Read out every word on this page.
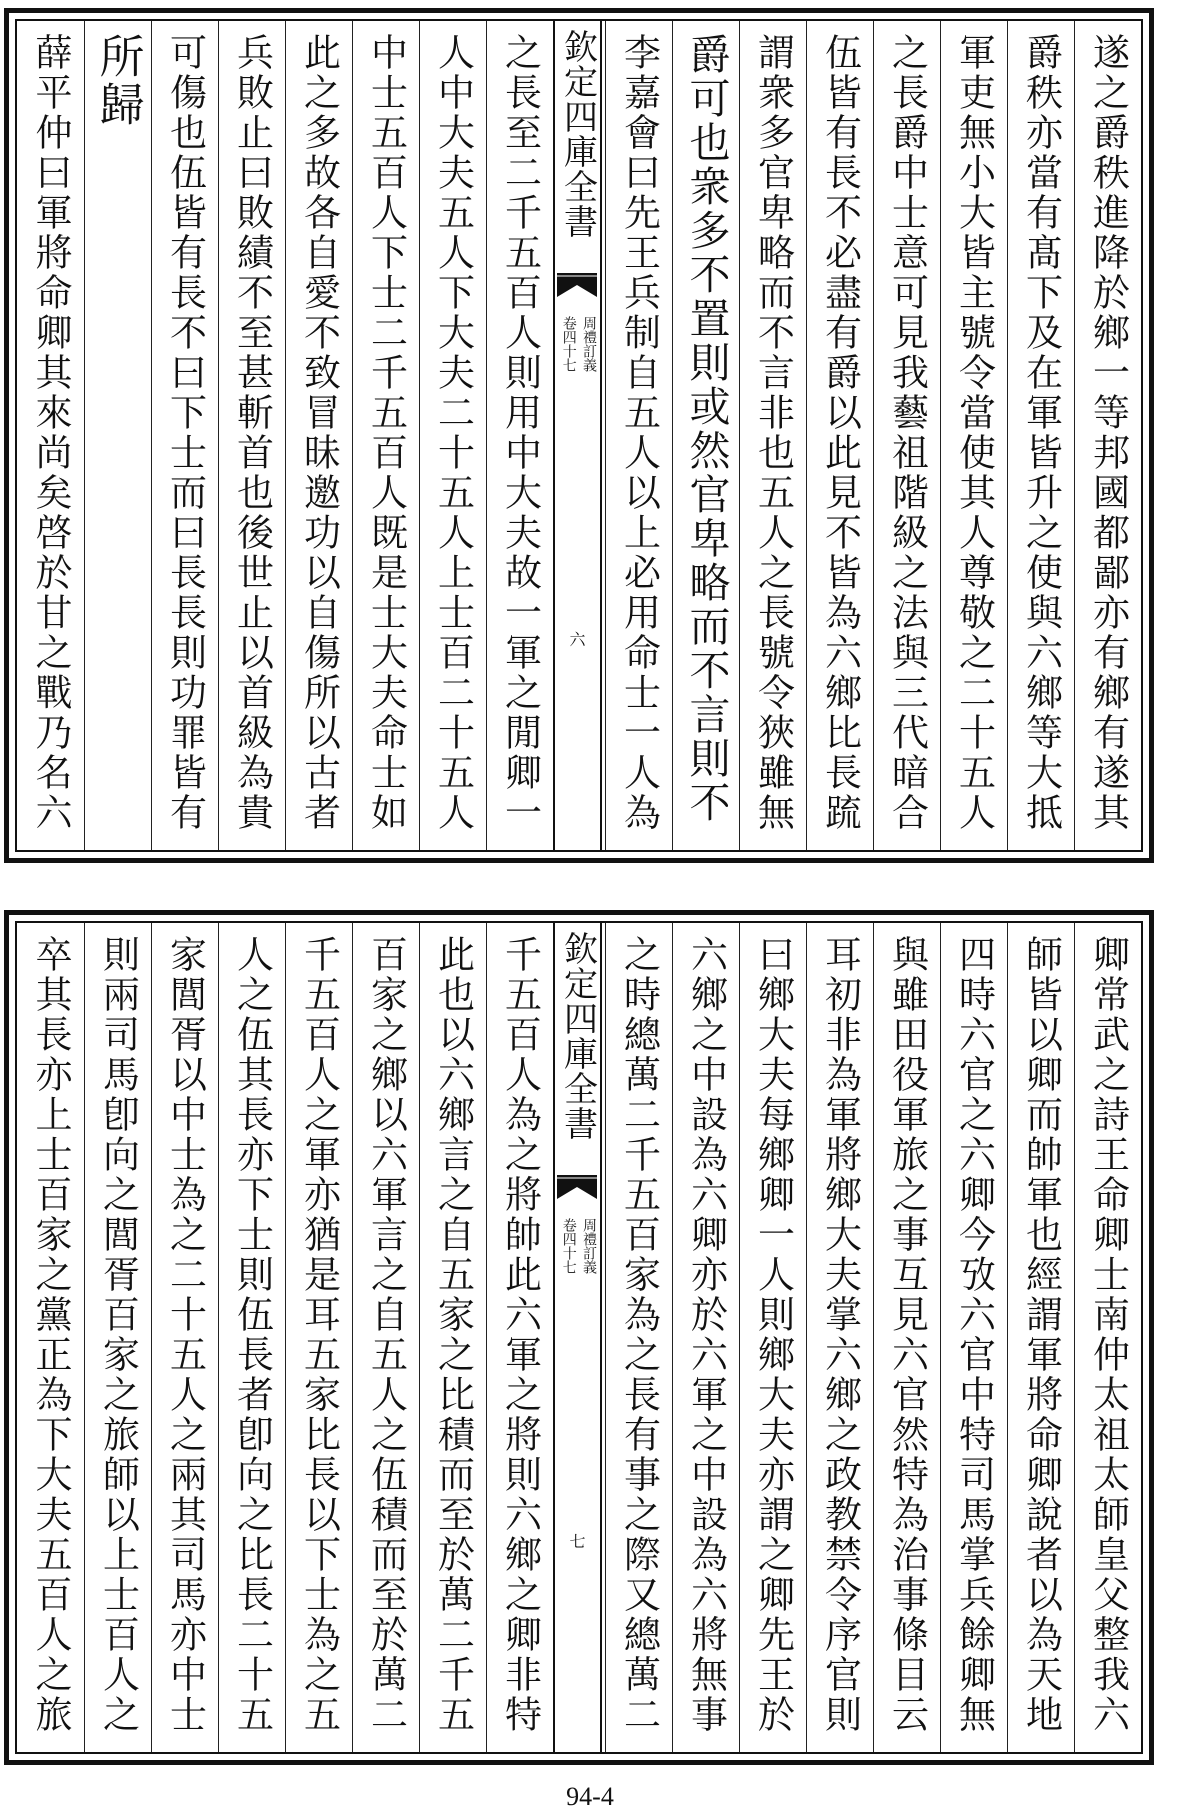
遂之爵秩進降於鄉一等邦國都鄙亦有鄉有遂其
爵秩亦當有髙下及在軍皆升之使與六鄉等大抵
軍吏無小大皆主號令當使其人尊敬之二十五人
之長爵中士意可見我藝祖階級之法與三代暗合
伍皆有長不必盡有爵以此見不皆為六鄉比長䟽
謂衆多官卑略而不言非也五人之長號令狹雖無
爵可也衆多不置則或然官卑略而不言則不
李嘉會曰先王兵制自五人以上必用命士一人為
欽定四庫全書
周禮訂義
卷四十七
六
之長至二千五百人則用中大夫故一軍之閒卿一
人中大夫五人下大夫二十五人上士百二十五人
中士五百人下士二千五百人既是士大夫命士如
此之多故各自愛不致冒昧邀功以自傷所以古者
兵敗止曰敗績不至甚斬首也後世止以首級為貴
可傷也伍皆有長不曰下士而曰長長則功罪皆有
所歸
薛平仲曰軍將命卿其來尚矣啓於甘之戰乃名六
卿常武之詩王命卿士南仲太祖太師皇父整我六
師皆以卿而帥軍也經謂軍將命卿說者以為天地
四時六官之六卿今攷六官中特司馬掌兵餘卿無
與雖田役軍旅之事互見六官然特為治事條目云
耳初非為軍將鄉大夫掌六鄉之政教禁令序官則
曰鄉大夫每鄉卿一人則鄉大夫亦謂之卿先王於
六鄉之中設為六卿亦於六軍之中設為六將無事
之時總萬二千五百家為之長有事之際又總萬二
欽定四庫全書
周禮訂義
卷四十七
七
千五百人為之將帥此六軍之將則六鄉之卿非特
此也以六鄉言之自五家之比積而至於萬二千五
百家之鄉以六軍言之自五人之伍積而至於萬二
千五百人之軍亦猶是耳五家比長以下士為之五
人之伍其長亦下士則伍長者卽向之比長二十五
家閭胥以中士為之二十五人之兩其司馬亦中士
則兩司馬卽向之閭胥百家之旅師以上士百人之
卒其長亦上士百家之黨正為下大夫五百人之旅
94-4
